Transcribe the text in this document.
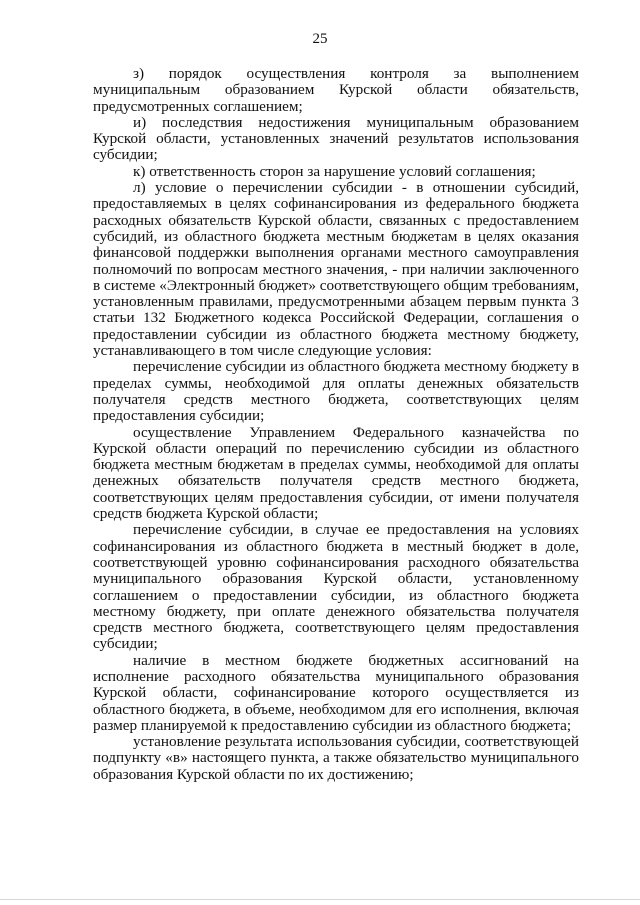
25

з) порядок осуществления контроля за выполнением муниципальным образованием Курской области обязательств, предусмотренных соглашением;

и) последствия недостижения муниципальным образованием Курской области, установленных значений результатов использования субсидии;

к) ответственность сторон за нарушение условий соглашения;

л) условие о перечислении субсидии - в отношении субсидий, предоставляемых в целях софинансирования из федерального бюджета расходных обязательств Курской области, связанных с предоставлением субсидий, из областного бюджета местным бюджетам в целях оказания финансовой поддержки выполнения органами местного самоуправления полномочий по вопросам местного значения, - при наличии заключенного в системе «Электронный бюджет» соответствующего общим требованиям, установленным правилами, предусмотренными абзацем первым пункта 3 статьи 132 Бюджетного кодекса Российской Федерации, соглашения о предоставлении субсидии из областного бюджета местному бюджету, устанавливающего в том числе следующие условия:

перечисление субсидии из областного бюджета местному бюджету в пределах суммы, необходимой для оплаты денежных обязательств получателя средств местного бюджета, соответствующих целям предоставления субсидии;

осуществление Управлением Федерального казначейства по Курской области операций по перечислению субсидии из областного бюджета местным бюджетам в пределах суммы, необходимой для оплаты денежных обязательств получателя средств местного бюджета, соответствующих целям предоставления субсидии, от имени получателя средств бюджета Курской области;

перечисление субсидии, в случае ее предоставления на условиях софинансирования из областного бюджета в местный бюджет в доле, соответствующей уровню софинансирования расходного обязательства муниципального образования Курской области, установленному соглашением о предоставлении субсидии, из областного бюджета местному бюджету, при оплате денежного обязательства получателя средств местного бюджета, соответствующего целям предоставления субсидии;

наличие в местном бюджете бюджетных ассигнований на исполнение расходного обязательства муниципального образования Курской области, софинансирование которого осуществляется из областного бюджета, в объеме, необходимом для его исполнения, включая размер планируемой к предоставлению субсидии из областного бюджета;

установление результата использования субсидии, соответствующей подпункту «в» настоящего пункта, а также обязательство муниципального образования Курской области по их достижению;
